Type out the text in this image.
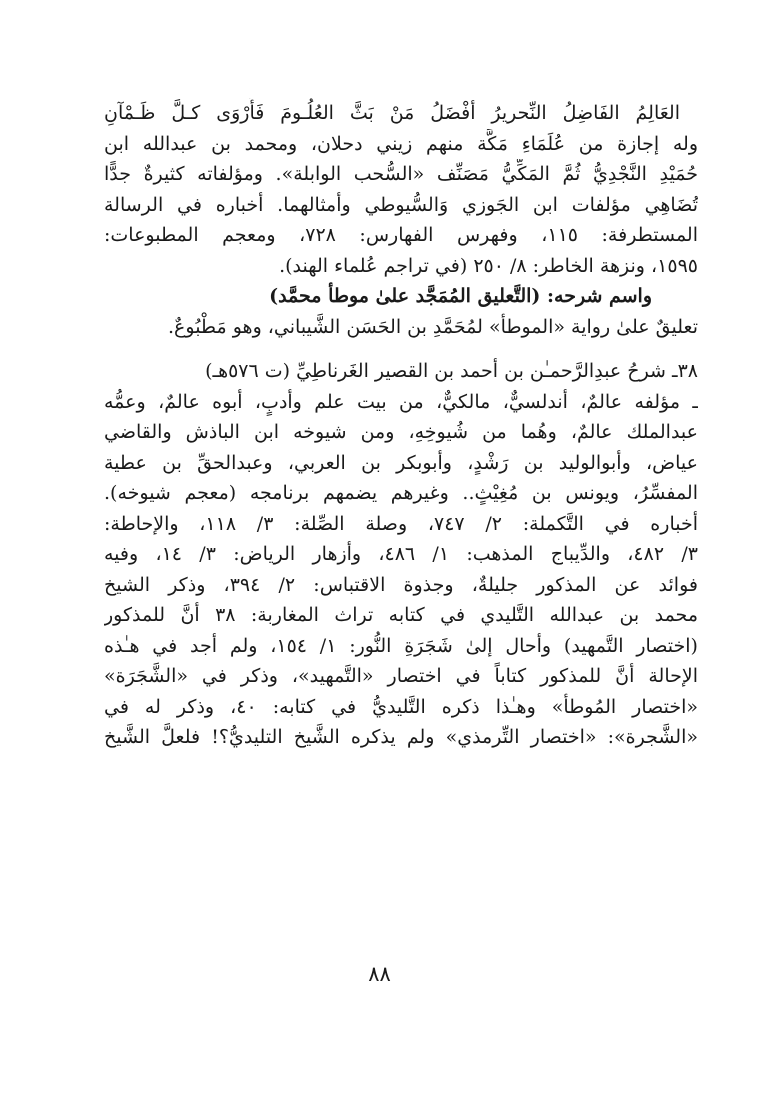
العَالِمُ الفَاضِلُ النِّحريرُ أفْضَلُ مَنْ بَثَّ العُلُـومَ فَأَرْوَى كـلَّ ظَـمْآنِ
وله إجازة من عُلَمَاءِ مَكَّة منهم زيني دحلان، ومحمد بن عبدالله ابن
حُمَيْدِ النَّجْدِيُّ ثُمَّ المَكِّيُّ مَصَنِّف «السُّحب الوابلة». ومؤلفاته كثيرةٌ جدًّا
تُضَاهِي مؤلفات ابن الجَوزي وَالسُّيوطي وأمثالهما. أخباره في الرسالة
المستطرفة: ١١٥، وفهرس الفهارس: ٧٢٨، ومعجم المطبوعات:
١٥٩٥، ونزهة الخاطر: ٨/ ٢٥٠ (في تراجم عُلماء الهند).
واسم شرحه: (التَّعليق المُمَجَّد علىٰ موطأ محمَّد)
تعليقٌ علىٰ رواية «الموطأ» لمُحَمَّدِ بن الحَسَن الشَّيباني، وهو مَطْبُوعٌ.
٣٨ـ شرحُ عبدِالرَّحمـٰن بن أحمد بن القصير الغَرناطِيِّ (ت ٥٧٦هـ)
ـ مؤلفه عالمٌ، أندلسيٌّ، مالكيٌّ، من بيت علم وأدبٍ، أبوه عالمٌ، وعمُّه
عبدالملك عالمٌ، وهُما من شُيوخِهِ، ومن شيوخه ابن الباذش والقاضي
عياض، وأبوالوليد بن رَشْدٍ، وأبوبكر بن العربي، وعبدالحقِّ بن عطية
المفسِّرُ، ويونس بن مُغِيْثٍ.. وغيرهم يضمهم برنامجه (معجم شيوخه).
أخباره في التَّكملة: ٢/ ٧٤٧، وصلة الصِّلة: ٣/ ١١٨، والإحاطة:
٣/ ٤٨٢، والدِّيباج المذهب: ١/ ٤٨٦، وأزهار الرياض: ٣/ ١٤، وفيه
فوائد عن المذكور جليلةٌ، وجذوة الاقتباس: ٢/ ٣٩٤، وذكر الشيخ
محمد بن عبدالله التَّليدي في كتابه تراث المغاربة: ٣٨ أنَّ للمذكور
(اختصار التَّمهيد) وأحال إلىٰ شَجَرَةِ النُّور: ١/ ١٥٤، ولم أجد في هـٰذه
الإحالة أنَّ للمذكور كتاباً في اختصار «التَّمهيد»، وذكر في «الشَّجَرَة»
«اختصار المُوطأ» وهـٰذا ذكره التَّليديُّ في كتابه: ٤٠، وذكر له في
«الشَّجرة»: «اختصار التِّرمذي» ولم يذكره الشَّيخ التليديُّ؟! فلعلَّ الشَّيخ
٨٨
